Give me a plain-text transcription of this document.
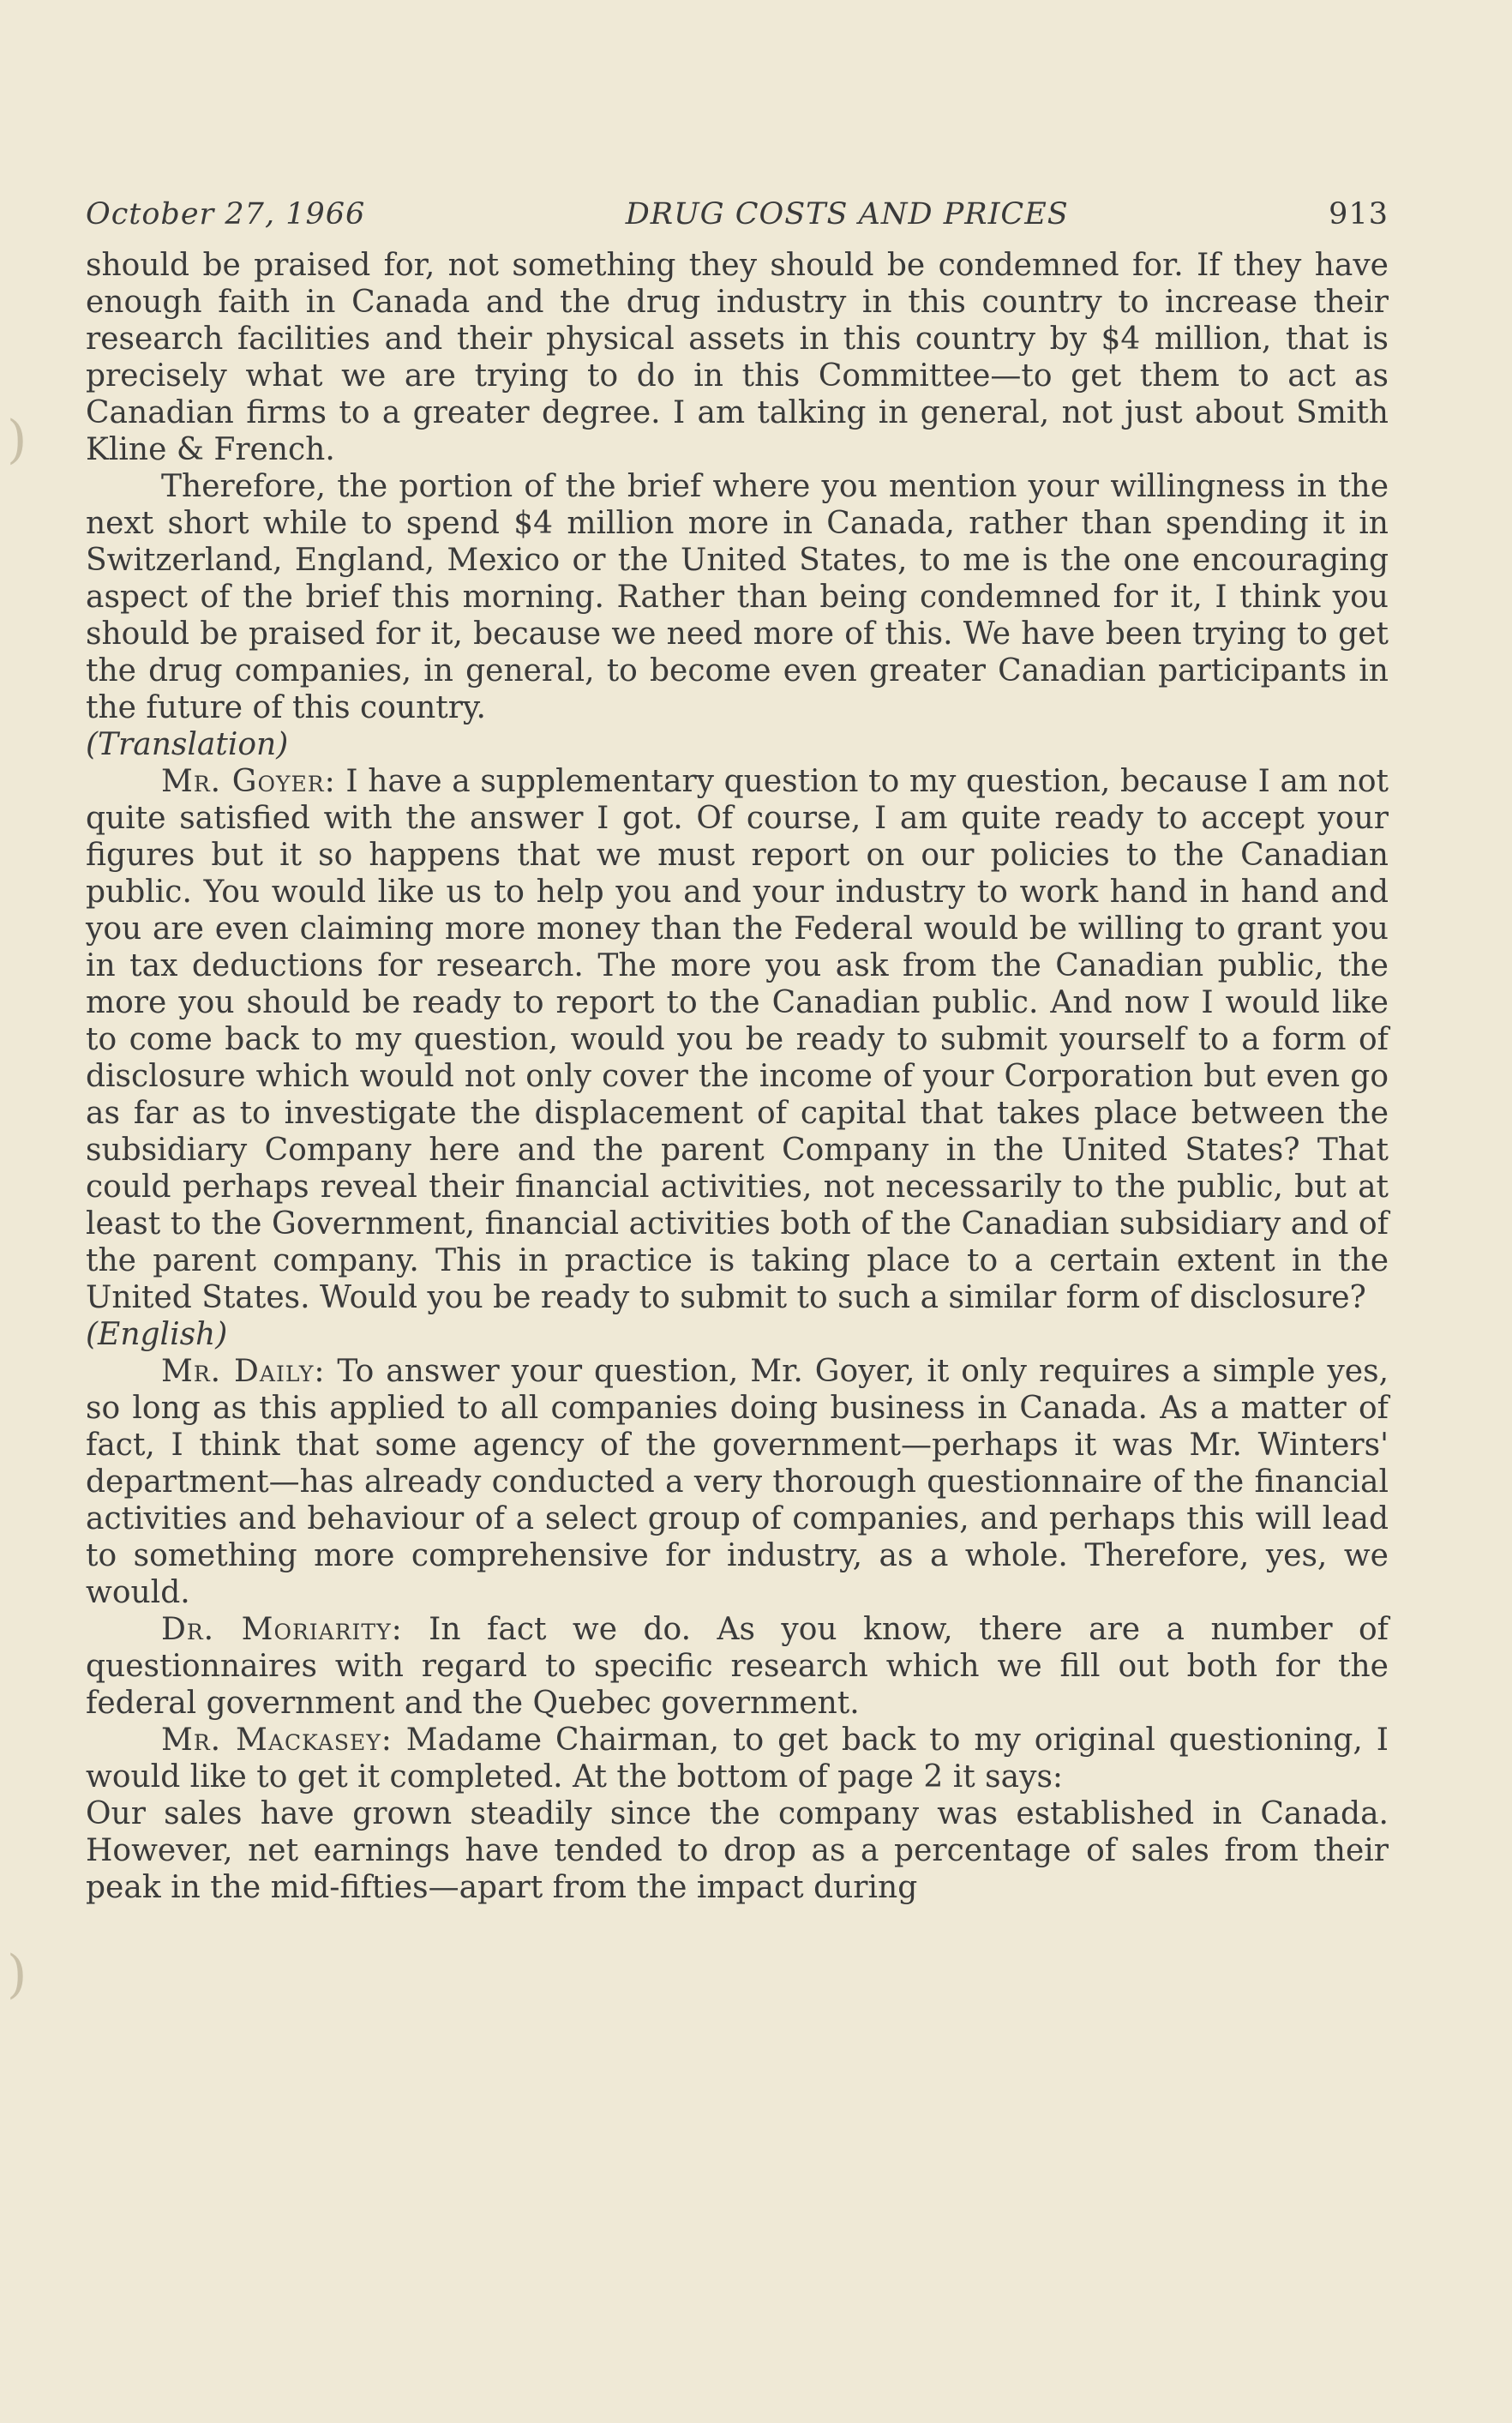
)
)
October 27, 1966	DRUG COSTS AND PRICES	913

should be praised for, not something they should be condemned for. If they have enough faith in Canada and the drug industry in this country to increase their research facilities and their physical assets in this country by $4 million, that is precisely what we are trying to do in this Committee—to get them to act as Canadian firms to a greater degree. I am talking in general, not just about Smith Kline & French.

Therefore, the portion of the brief where you mention your willingness in the next short while to spend $4 million more in Canada, rather than spending it in Switzerland, England, Mexico or the United States, to me is the one encouraging aspect of the brief this morning. Rather than being condemned for it, I think you should be praised for it, because we need more of this. We have been trying to get the drug companies, in general, to become even greater Canadian participants in the future of this country.

(Translation)

Mr. Goyer: I have a supplementary question to my question, because I am not quite satisfied with the answer I got. Of course, I am quite ready to accept your figures but it so happens that we must report on our policies to the Canadian public. You would like us to help you and your industry to work hand in hand and you are even claiming more money than the Federal would be willing to grant you in tax deductions for research. The more you ask from the Canadian public, the more you should be ready to report to the Canadian public. And now I would like to come back to my question, would you be ready to submit yourself to a form of disclosure which would not only cover the income of your Corporation but even go as far as to investigate the displacement of capital that takes place between the subsidiary Company here and the parent Company in the United States? That could perhaps reveal their financial activities, not necessarily to the public, but at least to the Government, financial activities both of the Canadian subsidiary and of the parent company. This in practice is taking place to a certain extent in the United States. Would you be ready to submit to such a similar form of disclosure?

(English)

Mr. Daily: To answer your question, Mr. Goyer, it only requires a simple yes, so long as this applied to all companies doing business in Canada. As a matter of fact, I think that some agency of the government—perhaps it was Mr. Winters' department—has already conducted a very thorough questionnaire of the financial activities and behaviour of a select group of companies, and perhaps this will lead to something more comprehensive for industry, as a whole. Therefore, yes, we would.

Dr. Moriarity: In fact we do. As you know, there are a number of questionnaires with regard to specific research which we fill out both for the federal government and the Quebec government.

Mr. Mackasey: Madame Chairman, to get back to my original questioning, I would like to get it completed. At the bottom of page 2 it says:

Our sales have grown steadily since the company was established in Canada. However, net earnings have tended to drop as a percentage of sales from their peak in the mid-fifties—apart from the impact during
